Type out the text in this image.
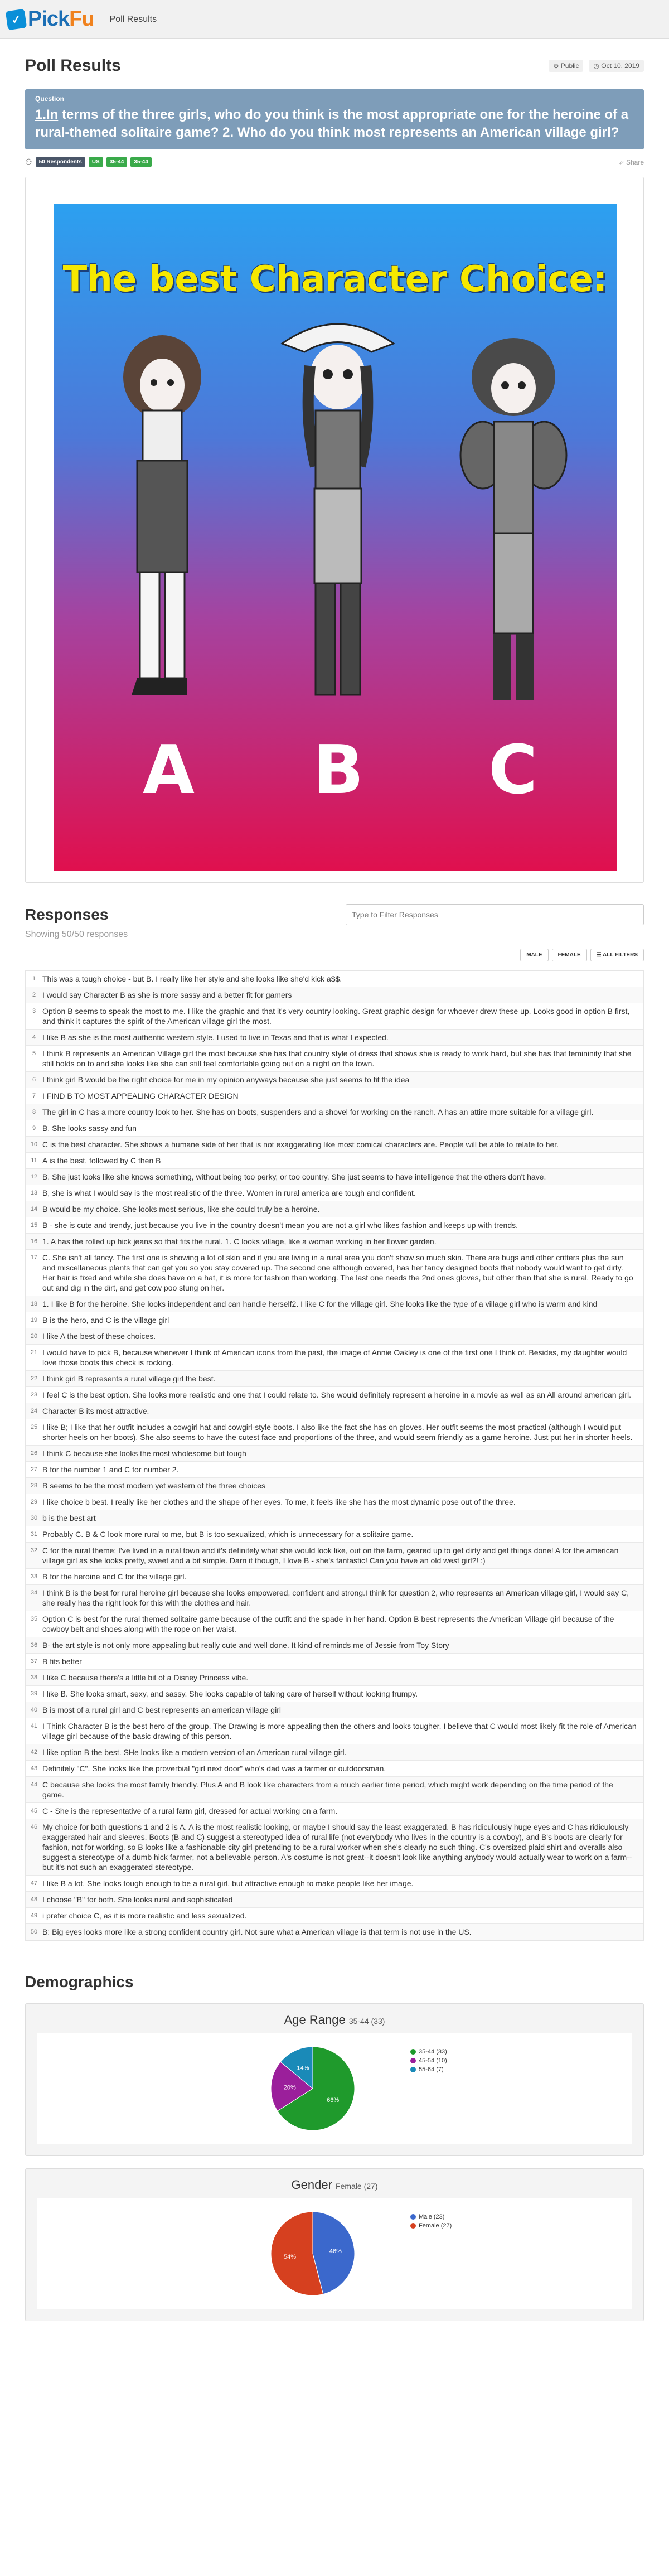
✓ PickFu Poll Results
Poll Results	⊕ Public	◷ Oct 10, 2019
Question
1.In terms of the three girls, who do you think is the most appropriate one for the heroine of a rural-themed solitaire game? 2. Who do you think most represents an American village girl?
⚇	50 Respondents	US	35-44	35-44	⇗ Share
The best Character Choice:
A B C
Responses
Type to Filter Responses
Showing 50/50 responses
MALE	FEMALE	☰ ALL FILTERS
1 This was a tough choice - but B. I really like her style and she looks like she'd kick a$$.
2 I would say Character B as she is more sassy and a better fit for gamers
3 Option B seems to speak the most to me. I like the graphic and that it's very country looking. Great graphic design for whoever drew these up. Looks good in option B first, and think it captures the spirit of the American village girl the most.
4 I like B as she is the most authentic western style. I used to live in Texas and that is what I expected.
5 I think B represents an American Village girl the most because she has that country style of dress that shows she is ready to work hard, but she has that femininity that she still holds on to and she looks like she can still feel comfortable going out on a night on the town.
6 I think girl B would be the right choice for me in my opinion anyways because she just seems to fit the idea
7 I FIND B TO MOST APPEALING CHARACTER DESIGN
8 The girl in C has a more country look to her. She has on boots, suspenders and a shovel for working on the ranch. A has an attire more suitable for a village girl.
9 B. She looks sassy and fun
10 C is the best character. She shows a humane side of her that is not exaggerating like most comical characters are. People will be able to relate to her.
11 A is the best, followed by C then B
12 B. She just looks like she knows something, without being too perky, or too country. She just seems to have intelligence that the others don't have.
13 B, she is what I would say is the most realistic of the three. Women in rural america are tough and confident.
14 B would be my choice. She looks most serious, like she could truly be a heroine.
15 B - she is cute and trendy, just because you live in the country doesn't mean you are not a girl who likes fashion and keeps up with trends.
16 1. A has the rolled up hick jeans so that fits the rural. 1. C looks village, like a woman working in her flower garden.
17 C. She isn't all fancy. The first one is showing a lot of skin and if you are living in a rural area you don't show so much skin. There are bugs and other critters plus the sun and miscellaneous plants that can get you so you stay covered up. The second one although covered, has her fancy designed boots that nobody would want to get dirty. Her hair is fixed and while she does have on a hat, it is more for fashion than working. The last one needs the 2nd ones gloves, but other than that she is rural. Ready to go out and dig in the dirt, and get cow poo stung on her.
18 1. I like B for the heroine. She looks independent and can handle herself2. I like C for the village girl. She looks like the type of a village girl who is warm and kind
19 B is the hero, and C is the village girl
20 I like A the best of these choices.
21 I would have to pick B, because whenever I think of American icons from the past, the image of Annie Oakley is one of the first one I think of. Besides, my daughter would love those boots this check is rocking.
22 I think girl B represents a rural village girl the best.
23 I feel C is the best option. She looks more realistic and one that I could relate to. She would definitely represent a heroine in a movie as well as an All around american girl.
24 Character B its most attractive.
25 I like B; I like that her outfit includes a cowgirl hat and cowgirl-style boots. I also like the fact she has on gloves. Her outfit seems the most practical (although I would put shorter heels on her boots). She also seems to have the cutest face and proportions of the three, and would seem friendly as a game heroine. Just put her in shorter heels.
26 I think C because she looks the most wholesome but tough
27 B for the number 1 and C for number 2.
28 B seems to be the most modern yet western of the three choices
29 I like choice b best. I really like her clothes and the shape of her eyes. To me, it feels like she has the most dynamic pose out of the three.
30 b is the best art
31 Probably C. B & C look more rural to me, but B is too sexualized, which is unnecessary for a solitaire game.
32 C for the rural theme: I've lived in a rural town and it's definitely what she would look like, out on the farm, geared up to get dirty and get things done! A for the american village girl as she looks pretty, sweet and a bit simple. Darn it though, I love B - she's fantastic! Can you have an old west girl?! :)
33 B for the heroine and C for the village girl.
34 I think B is the best for rural heroine girl because she looks empowered, confident and strong.I think for question 2, who represents an American village girl, I would say C, she really has the right look for this with the clothes and hair.
35 Option C is best for the rural themed solitaire game because of the outfit and the spade in her hand. Option B best represents the American Village girl because of the cowboy belt and shoes along with the rope on her waist.
36 B- the art style is not only more appealing but really cute and well done. It kind of reminds me of Jessie from Toy Story
37 B fits better
38 I like C because there's a little bit of a Disney Princess vibe.
39 I like B. She looks smart, sexy, and sassy. She looks capable of taking care of herself without looking frumpy.
40 B is most of a rural girl and C best represents an american village girl
41 I Think Character B is the best hero of the group. The Drawing is more appealing then the others and looks tougher. I believe that C would most likely fit the role of American village girl because of the basic drawing of this person.
42 I like option B the best. SHe looks like a modern version of an American rural village girl.
43 Definitely "C". She looks like the proverbial "girl next door" who's dad was a farmer or outdoorsman.
44 C because she looks the most family friendly. Plus A and B look like characters from a much earlier time period, which might work depending on the time period of the game.
45 C - She is the representative of a rural farm girl, dressed for actual working on a farm.
46 My choice for both questions 1 and 2 is A. A is the most realistic looking, or maybe I should say the least exaggerated. B has ridiculously huge eyes and C has ridiculously exaggerated hair and sleeves. Boots (B and C) suggest a stereotyped idea of rural life (not everybody who lives in the country is a cowboy), and B's boots are clearly for fashion, not for working, so B looks like a fashionable city girl pretending to be a rural worker when she's clearly no such thing. C's oversized plaid shirt and overalls also suggest a stereotype of a dumb hick farmer, not a believable person. A's costume is not great--it doesn't look like anything anybody would actually wear to work on a farm--but it's not such an exaggerated stereotype.
47 I like B a lot. She looks tough enough to be a rural girl, but attractive enough to make people like her image.
48 I choose "B" for both. She looks rural and sophisticated
49 i prefer choice C, as it is more realistic and less sexualized.
50 B: Big eyes looks more like a strong confident country girl. Not sure what a American village is that term is not use in the US.
Demographics
Age Range 35-44 (33)
66%
20%
14%
35-44 (33)
45-54 (10)
55-64 (7)
Gender Female (27)
46%
54%
Male (23)
Female (27)
